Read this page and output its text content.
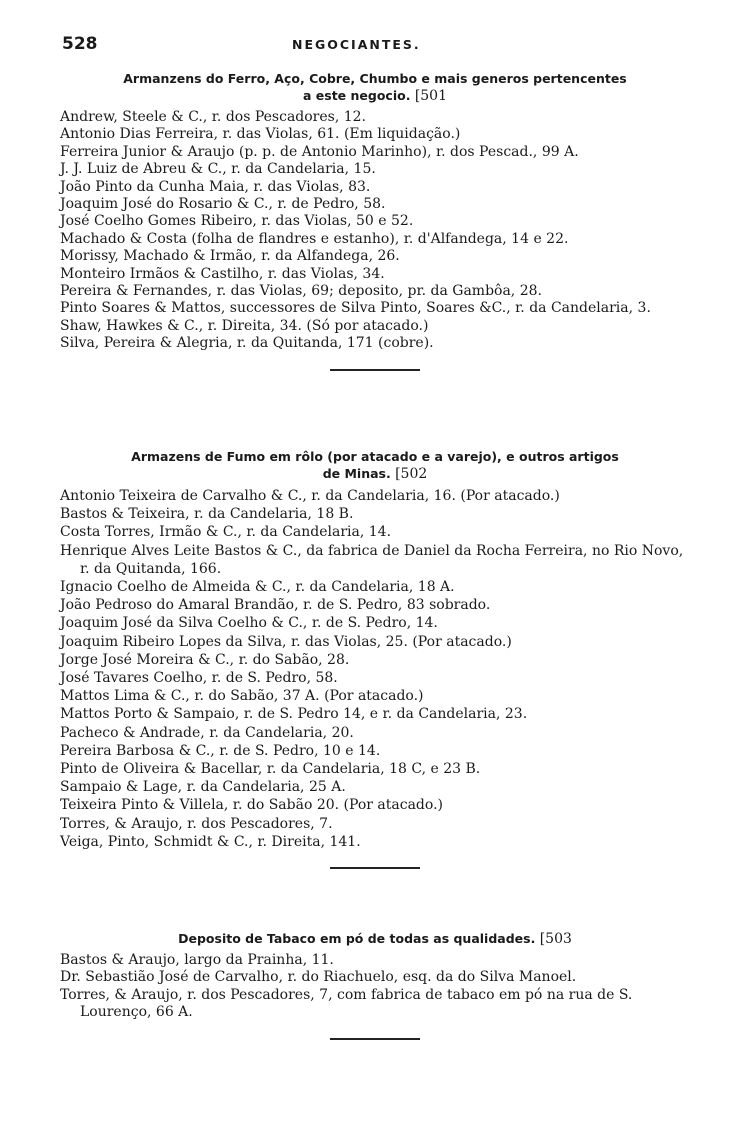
528	NEGOCIANTES.
Armanzens do Ferro, Aço, Cobre, Chumbo e mais generos pertencentes
a este negocio. [501
Andrew, Steele & C., r. dos Pescadores, 12.
Antonio Dias Ferreira, r. das Violas, 61. (Em liquidação.)
Ferreira Junior & Araujo (p. p. de Antonio Marinho), r. dos Pescad., 99 A.
J. J. Luiz de Abreu & C., r. da Candelaria, 15.
João Pinto da Cunha Maia, r. das Violas, 83.
Joaquim José do Rosario & C., r. de Pedro, 58.
José Coelho Gomes Ribeiro, r. das Violas, 50 e 52.
Machado & Costa (folha de flandres e estanho), r. d'Alfandega, 14 e 22.
Morissy, Machado & Irmão, r. da Alfandega, 26.
Monteiro Irmãos & Castilho, r. das Violas, 34.
Pereira & Fernandes, r. das Violas, 69; deposito, pr. da Gambôa, 28.
Pinto Soares & Mattos, successores de Silva Pinto, Soares &C., r. da Candelaria, 3.
Shaw, Hawkes & C., r. Direita, 34. (Só por atacado.)
Silva, Pereira & Alegria, r. da Quitanda, 171 (cobre).
Armazens de Fumo em rôlo (por atacado e a varejo), e outros artigos
de Minas. [502
Antonio Teixeira de Carvalho & C., r. da Candelaria, 16. (Por atacado.)
Bastos & Teixeira, r. da Candelaria, 18 B.
Costa Torres, Irmão & C., r. da Candelaria, 14.
Henrique Alves Leite Bastos & C., da fabrica de Daniel da Rocha Ferreira, no Rio Novo, r. da Quitanda, 166.
Ignacio Coelho de Almeida & C., r. da Candelaria, 18 A.
João Pedroso do Amaral Brandão, r. de S. Pedro, 83 sobrado.
Joaquim José da Silva Coelho & C., r. de S. Pedro, 14.
Joaquim Ribeiro Lopes da Silva, r. das Violas, 25. (Por atacado.)
Jorge José Moreira & C., r. do Sabão, 28.
José Tavares Coelho, r. de S. Pedro, 58.
Mattos Lima & C., r. do Sabão, 37 A. (Por atacado.)
Mattos Porto & Sampaio, r. de S. Pedro 14, e r. da Candelaria, 23.
Pacheco & Andrade, r. da Candelaria, 20.
Pereira Barbosa & C., r. de S. Pedro, 10 e 14.
Pinto de Oliveira & Bacellar, r. da Candelaria, 18 C, e 23 B.
Sampaio & Lage, r. da Candelaria, 25 A.
Teixeira Pinto & Villela, r. do Sabão 20. (Por atacado.)
Torres, & Araujo, r. dos Pescadores, 7.
Veiga, Pinto, Schmidt & C., r. Direita, 141.
Deposito de Tabaco em pó de todas as qualidades. [503
Bastos & Araujo, largo da Prainha, 11.
Dr. Sebastião José de Carvalho, r. do Riachuelo, esq. da do Silva Manoel.
Torres, & Araujo, r. dos Pescadores, 7, com fabrica de tabaco em pó na rua de S. Lourenço, 66 A.
